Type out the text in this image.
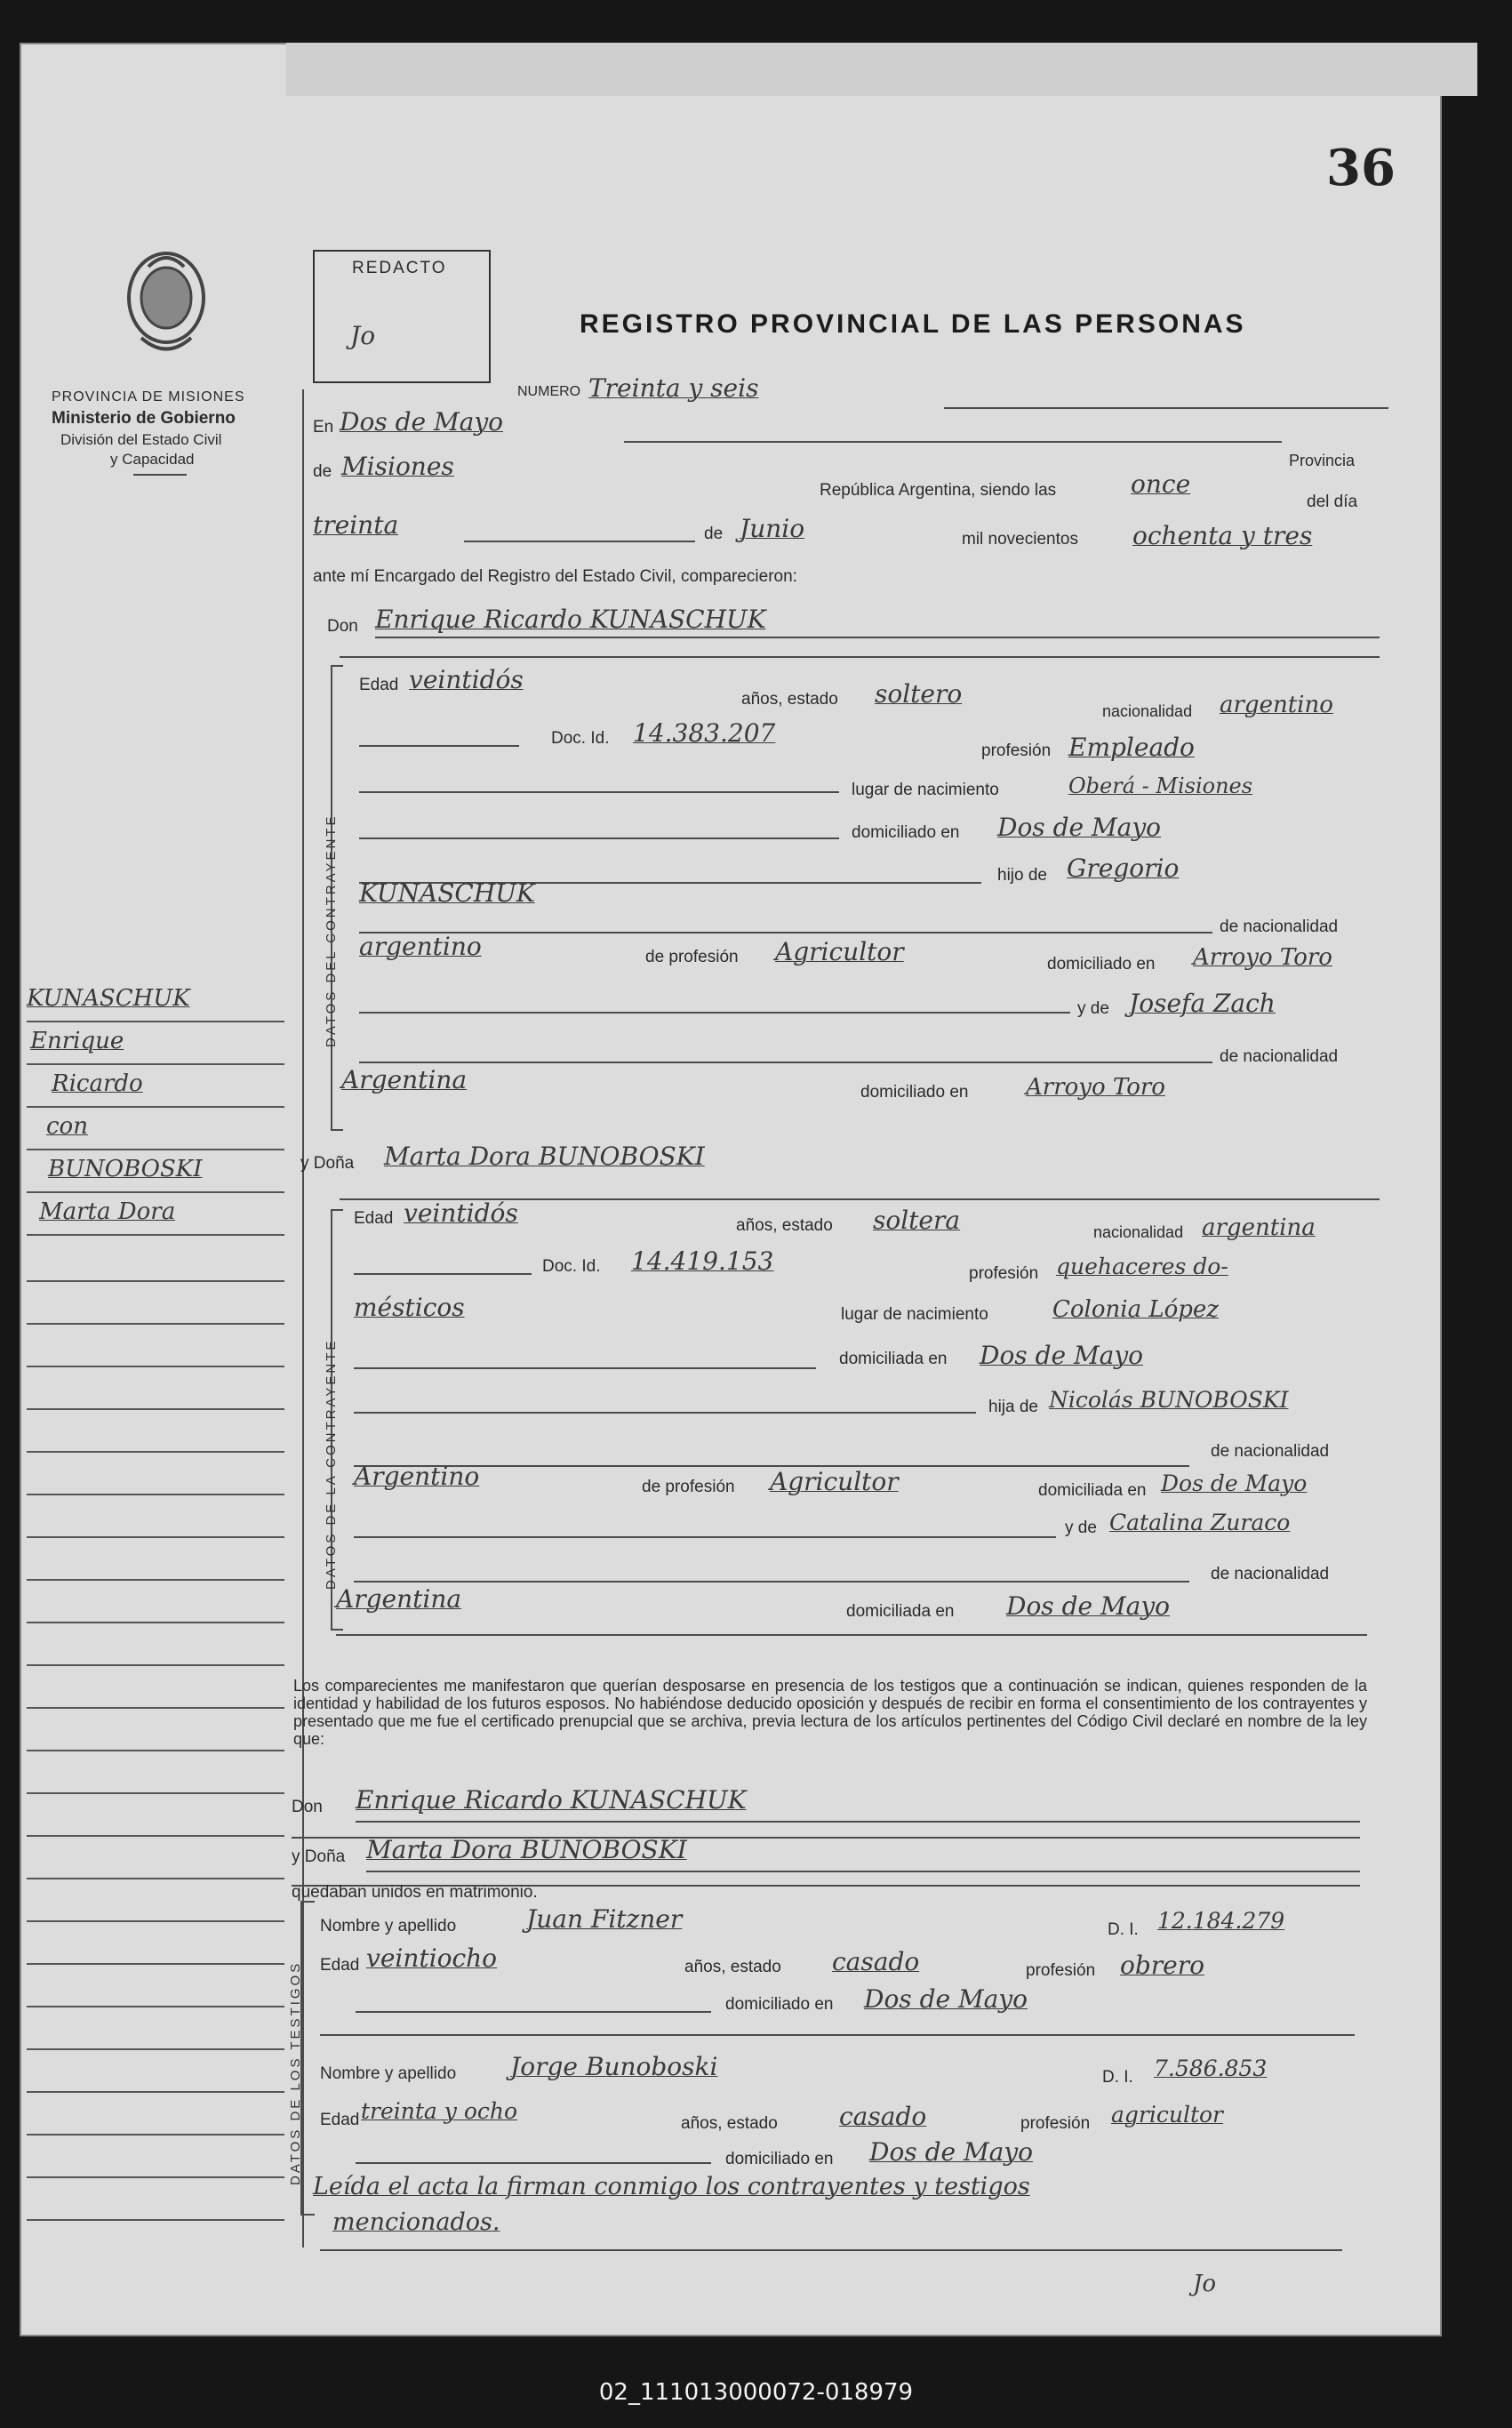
36
PROVINCIA DE MISIONES
Ministerio de Gobierno
División del Estado Civil
y Capacidad
REDACTO
Jo	REGISTRO PROVINCIAL DE LAS PERSONAS
KUNASCHUK
Enrique
Ricardo
con
BUNOBOSKI
Marta Dora
NUMERO Treinta y seis
En Dos de Mayo
Provincia
de Misiones
República Argentina, siendo las	once
del día
treinta	de Junio	mil novecientos ochenta y tres
ante mí Encargado del Registro del Estado Civil, comparecieron:
Don Enrique Ricardo KUNASCHUK
DATOS DEL CONTRAYENTE
Edad veintidós
años, estado soltero
nacionalidad argentino
Doc. Id. 14.383.207
profesión Empleado
lugar de nacimiento	Oberá - Misiones
domiciliado en Dos de Mayo
hijo de Gregorio
KUNASCHUK
de nacionalidad
argentino	de profesión Agricultor	domiciliado en Arroyo Toro
y de Josefa Zach
de nacionalidad
Argentina	domiciliado en Arroyo Toro
y Doña Marta Dora BUNOBOSKI
DATOS DE LA CONTRAYENTE
Edad veintidós	años, estado soltera	nacionalidad argentina
Doc. Id. 14.419.153	profesión quehaceres do-
mésticos	lugar de nacimiento	Colonia López
domiciliada en Dos de Mayo
hija de Nicolás BUNOBOSKI
de nacionalidad
Argentino	de profesión Agricultor	domiciliada en Dos de Mayo
y de Catalina Zuraco
de nacionalidad
Argentina	domiciliada en Dos de Mayo
Los comparecientes me manifestaron que querían desposarse en presencia de los testigos que a continuación se indican, quienes responden de la identidad y habilidad de los futuros esposos. No habiéndose deducido oposición y después de recibir en forma el consentimiento de los contrayentes y presentado que me fue el certificado prenupcial que se archiva, previa lectura de los artículos pertinentes del Código Civil declaré en nombre de la ley que:
Don Enrique Ricardo KUNASCHUK
y Doña Marta Dora BUNOBOSKI
quedaban unidos en matrimonio.
DATOS DE LOS TESTIGOS
Nombre y apellido	Juan Fitzner	D. I. 12.184.279
Edad veintiocho	años, estado casado	profesión obrero
domiciliado en Dos de Mayo
Nombre y apellido Jorge Bunoboski	D. I. 7.586.853
Edad treinta y ocho	años, estado casado	profesión agricultor
domiciliado en Dos de Mayo
Leída el acta la firman conmigo los contrayentes y testigos
mencionados.
Jo
02_111013000072-018979
